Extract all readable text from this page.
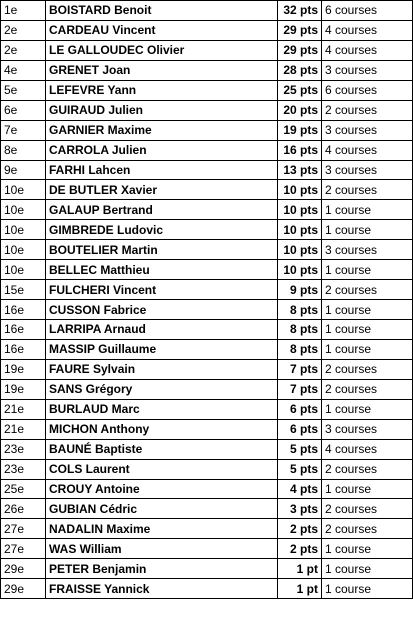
1e	BOISTARD Benoit	32 pts	6 courses
2e	CARDEAU Vincent	29 pts	4 courses
2e	LE GALLOUDEC Olivier	29 pts	4 courses
4e	GRENET Joan	28 pts	3 courses
5e	LEFEVRE Yann	25 pts	6 courses
6e	GUIRAUD Julien	20 pts	2 courses
7e	GARNIER Maxime	19 pts	3 courses
8e	CARROLA Julien	16 pts	4 courses
9e	FARHI Lahcen	13 pts	3 courses
10e	DE BUTLER Xavier	10 pts	2 courses
10e	GALAUP Bertrand	10 pts	1 course
10e	GIMBREDE Ludovic	10 pts	1 course
10e	BOUTELIER Martin	10 pts	3 courses
10e	BELLEC Matthieu	10 pts	1 course
15e	FULCHERI Vincent	9 pts	2 courses
16e	CUSSON Fabrice	8 pts	1 course
16e	LARRIPA Arnaud	8 pts	1 course
16e	MASSIP Guillaume	8 pts	1 course
19e	FAURE Sylvain	7 pts	2 courses
19e	SANS Grégory	7 pts	2 courses
21e	BURLAUD Marc	6 pts	1 course
21e	MICHON Anthony	6 pts	3 courses
23e	BAUNÉ Baptiste	5 pts	4 courses
23e	COLS Laurent	5 pts	2 courses
25e	CROUY Antoine	4 pts	1 course
26e	GUBIAN Cédric	3 pts	2 courses
27e	NADALIN Maxime	2 pts	2 courses
27e	WAS William	2 pts	1 course
29e	PETER Benjamin	1 pt	1 course
29e	FRAISSE Yannick	1 pt	1 course
